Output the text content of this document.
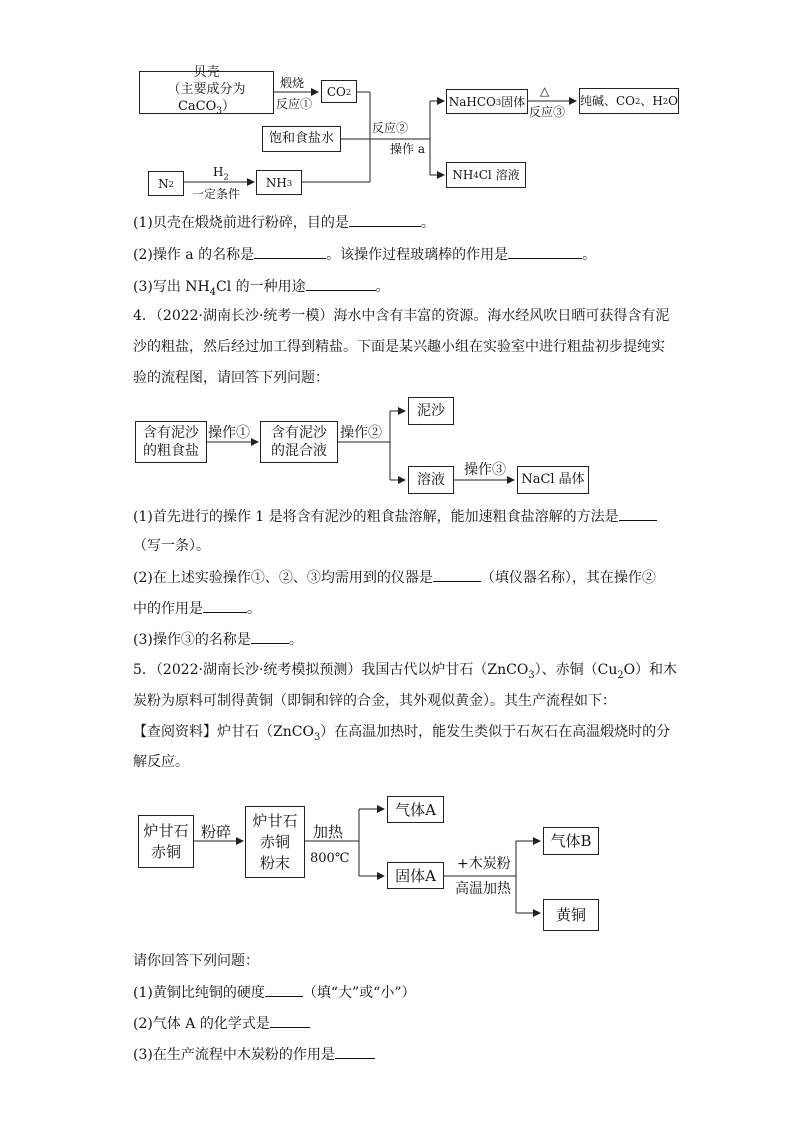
贝壳
（主要成分为 CaCO$_3$）
煅烧
反应①
CO 2
饱和食盐水
N 2
$H_2$
一定条件
NH 3
反应②
操作 a
NaHCO 3 固体
△
反应③
纯碱、CO 2 、H 2 O
NH 4 Cl 溶液
(1)贝壳在煅烧前进行粉碎，目的是	。
(2)操作 a 的名称是	。该操作过程玻璃棒的作用是	。
(3)写出 $NH_4Cl$ 的一种用途	。
4．（2022·湖南长沙·统考一模）海水中含有丰富的资源。海水经风吹日晒可获得含有泥
沙的粗盐，然后经过加工得到精盐。下面是某兴趣小组在实验室中进行粗盐初步提纯实
验的流程图，请回答下列问题：
含有泥沙
的粗食盐
操作① 含有泥沙
的混合液
操作②
泥沙
溶液
操作③
NaCl 晶体
(1)首先进行的操作 1 是将含有泥沙的粗食盐溶解，能加速粗食盐溶解的方法是
（写一条）。
(2)在上述实验操作①、②、③均需用到的仪器是	（填仪器名称），其在操作②
中的作用是	。
(3)操作③的名称是	。
5．（2022·湖南长沙·统考模拟预测）我国古代以炉甘石（ZnCO$_3$）、赤铜$(Cu_2O)$和木
炭粉为原料可制得黄铜（即铜和锌的合金，其外观似黄金）。其生产流程如下：
【查阅资料】炉甘石（ZnCO$_3$）在高温加热时，能发生类似于石灰石在高温煅烧时的分
解反应。
炉甘石
赤铜
粉碎
炉甘石
赤铜
粉末
加热
800℃
气体A
固体A
+木炭粉
高温加热
气体B
黄铜
请你回答下列问题：
(1)黄铜比纯铜的硬度	（填“大”或“小”）
(2)气体 A 的化学式是
(3)在生产流程中木炭粉的作用是
